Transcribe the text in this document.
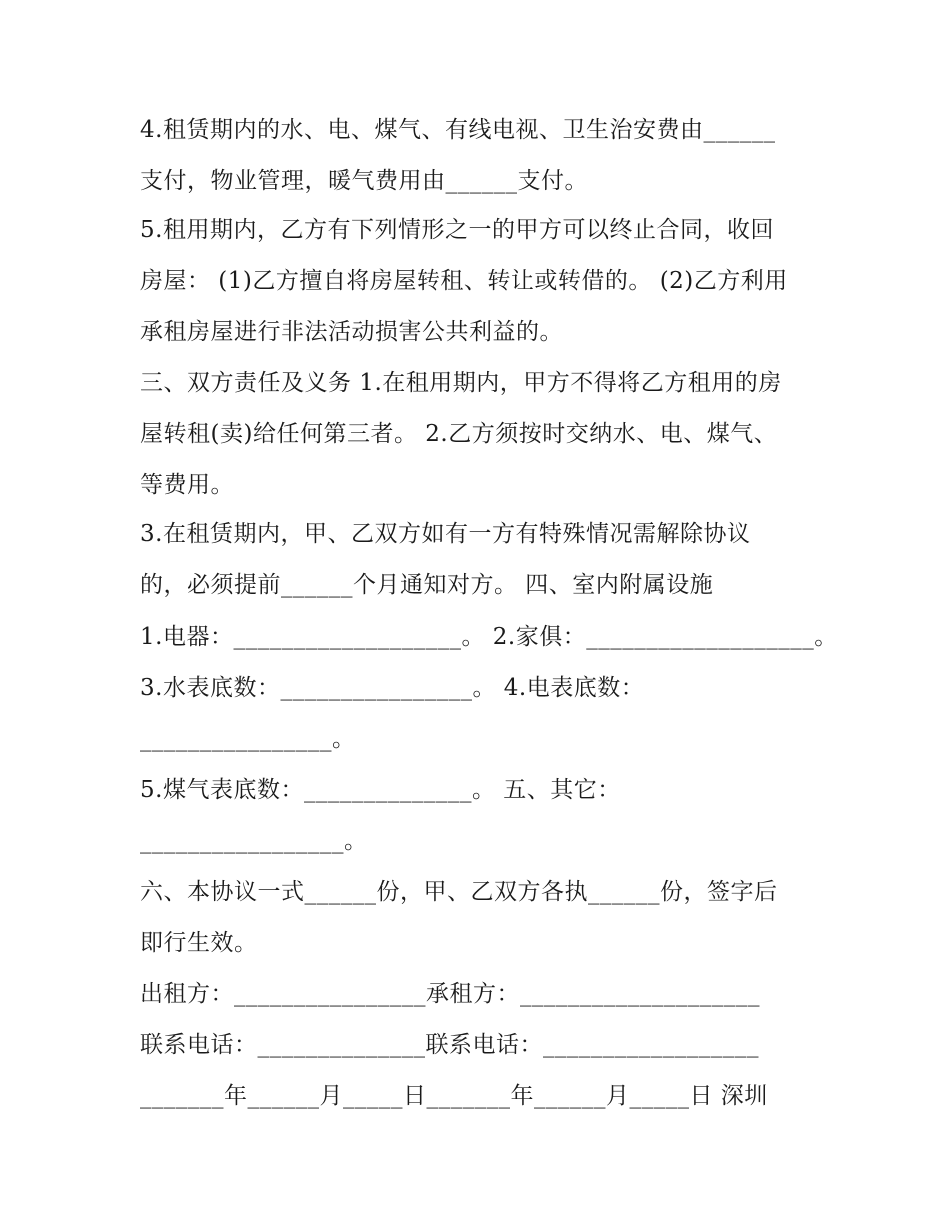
4.租赁期内的水、电、煤气、有线电视、卫生治安费由______

支付，物业管理，暖气费用由______支付。

5.租用期内，乙方有下列情形之一的甲方可以终止合同，收回

房屋： (1)乙方擅自将房屋转租、转让或转借的。 (2)乙方利用

承租房屋进行非法活动损害公共利益的。

三、双方责任及义务 1.在租用期内，甲方不得将乙方租用的房

屋转租(卖)给任何第三者。 2.乙方须按时交纳水、电、煤气、

等费用。

3.在租赁期内，甲、乙双方如有一方有特殊情况需解除协议

的，必须提前______个月通知对方。 四、室内附属设施

1.电器：___________________。 2.家俱：___________________。

3.水表底数：________________。 4.电表底数：

________________。

5.煤气表底数：______________。 五、其它：

_________________。

六、本协议一式______份，甲、乙双方各执______份，签字后

即行生效。

出租方：________________承租方：____________________

联系电话：______________联系电话：__________________

_______年______月_____日_______年______月_____日 深圳
